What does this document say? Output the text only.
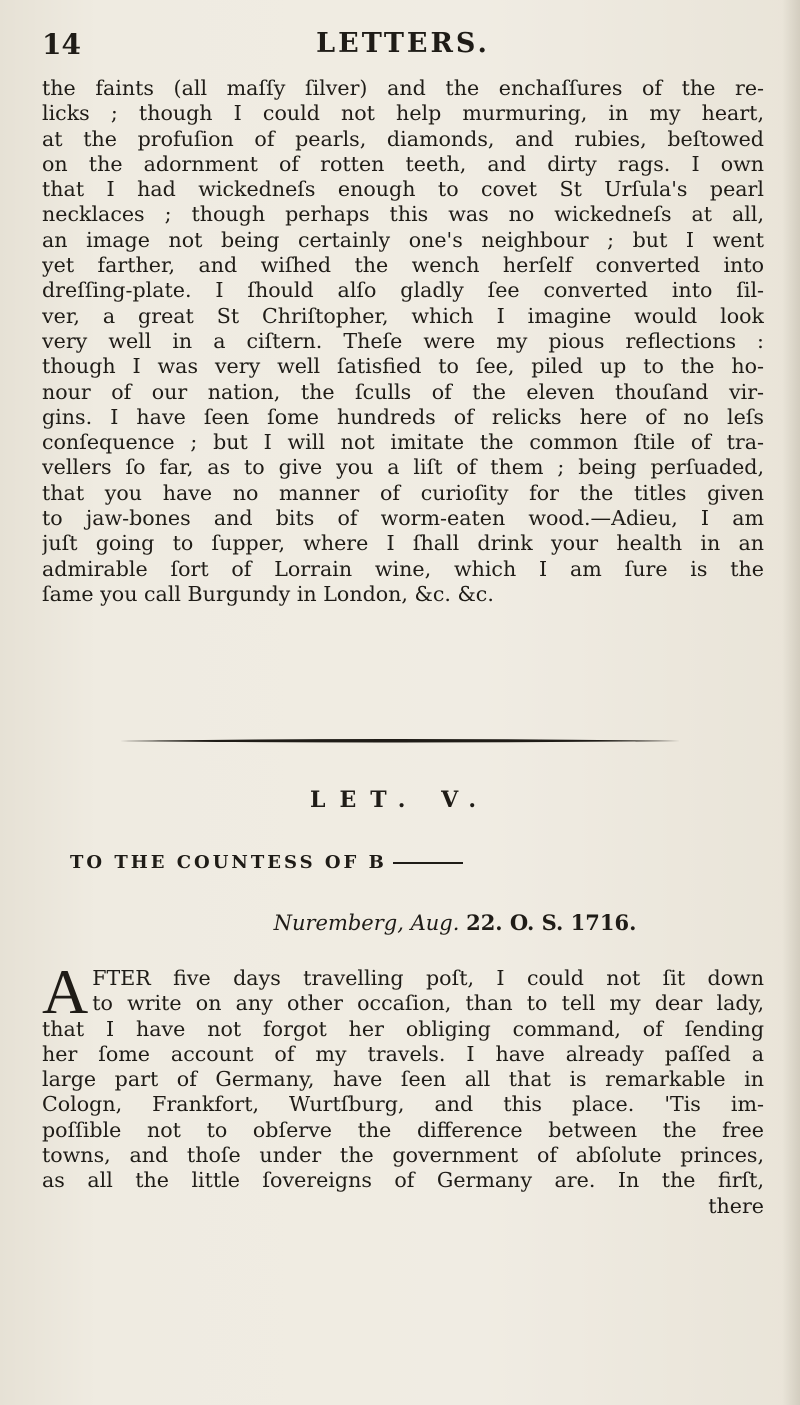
14	LETTERS.
the faints (all maſſy ſilver) and the enchaſſures of the re-
licks ; though I could not help murmuring, in my heart,
at the profuſion of pearls, diamonds, and rubies, beſtowed
on the adornment of rotten teeth, and dirty rags. I own
that I had wickedneſs enough to covet St Urſula's pearl
necklaces ; though perhaps this was no wickedneſs at all,
an image not being certainly one's neighbour ; but I went
yet farther, and wiſhed the wench herſelf converted into
dreſſing-plate. I ſhould alſo gladly ſee converted into ſil-
ver, a great St Chriſtopher, which I imagine would look
very well in a ciſtern. Theſe were my pious reflections :
though I was very well ſatisfied to ſee, piled up to the ho-
nour of our nation, the ſculls of the eleven thouſand vir-
gins. I have ſeen ſome hundreds of relicks here of no leſs
conſequence ; but I will not imitate the common ſtile of tra-
vellers ſo far, as to give you a liſt of them ; being perſuaded,
that you have no manner of curioſity for the titles given
to jaw-bones and bits of worm-eaten wood.—Adieu, I am
juſt going to ſupper, where I ſhall drink your health in an
admirable ſort of Lorrain wine, which I am ſure is the
ſame you call Burgundy in London, &c. &c.
LET. V.
TO THE COUNTESS OF B
Nuremberg, Aug. 22. O. S. 1716.
A FTER five days travelling poſt, I could not ſit down
to write on any other occaſion, than to tell my dear lady,
that I have not forgot her obliging command, of ſending
her ſome account of my travels. I have already paſſed a
large part of Germany, have ſeen all that is remarkable in
Cologn, Frankfort, Wurtſburg, and this place. 'Tis im-
poſſible not to obſerve the difference between the free
towns, and thoſe under the government of abſolute princes,
as all the little ſovereigns of Germany are. In the firſt,
there
